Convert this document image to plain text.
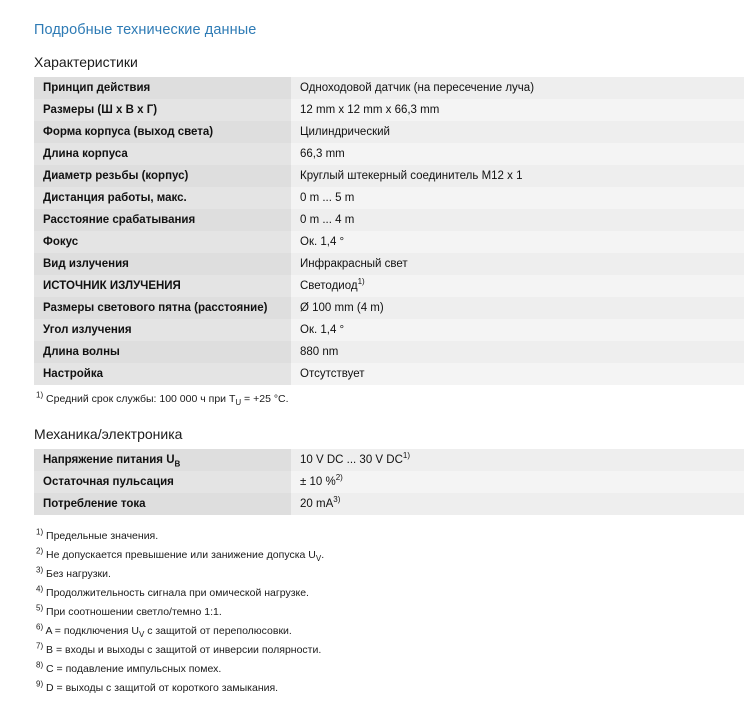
Подробные технические данные
Характеристики
Принцип действия	Одноходовой датчик (на пересечение луча)
Размеры (Ш x В x Г)	12 mm x 12 mm x 66,3 mm
Форма корпуса (выход света)	Цилиндрический
Длина корпуса	66,3 mm
Диаметр резьбы (корпус)	Круглый штекерный соединитель M12 x 1
Дистанция работы, макс.	0 m ... 5 m
Расстояние срабатывания	0 m ... 4 m
Фокус	Ок. 1,4 °
Вид излучения	Инфракрасный свет
ИСТОЧНИК ИЗЛУЧЕНИЯ	Светодиод$^{1)}$
Размеры светового пятна (расстояние)	Ø 100 mm (4 m)
Угол излучения	Ок. 1,4 °
Длина волны	880 nm
Настройка	Отсутствует
$^{1)}$ Средний срок службы: 100 000 ч при $T_U = +25$ °C.
Механика/электроника
Напряжение питания $U_B$	10 V DC ... 30 V DC$^{1)}$
Остаточная пульсация	± 10 %$^{2)}$
Потребление тока	20 $mA^{3)}$
$^{1)}$ Предельные значения.
$^{2)}$ Не допускается превышение или занижение допуска $U_V$.
$^{3)}$ Без нагрузки.
$^{4)}$ Продолжительность сигнала при омической нагрузке.
$^{5)}$ При соотношении светло/темно 1:1.
$^{6)}$ A = подключения $U_V$ с защитой от переполюсовки.
$^{7)}$ B = входы и выходы с защитой от инверсии полярности.
$^{8)}$ C = подавление импульсных помех.
$^{9)}$ D = выходы с защитой от короткого замыкания.
